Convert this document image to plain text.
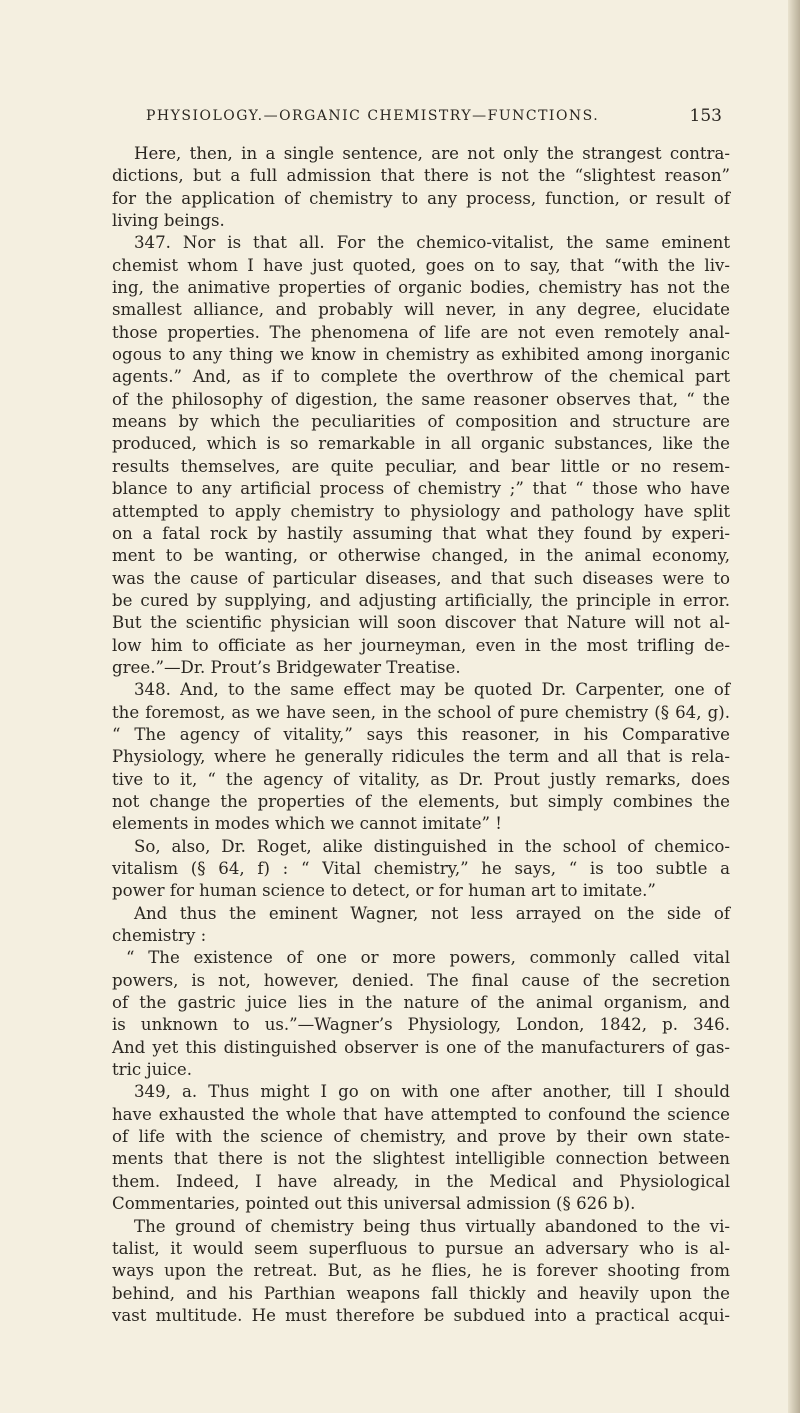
PHYSIOLOGY.—ORGANIC CHEMISTRY—FUNCTIONS.	153
Here, then, in a single sentence, are not only the strangest contra-
dictions, but a full admission that there is not the “slightest reason”
for the application of chemistry to any process, function, or result of
living beings.
347. Nor is that all. For the chemico-vitalist, the same eminent
chemist whom I have just quoted, goes on to say, that “with the liv-
ing, the animative properties of organic bodies, chemistry has not the
smallest alliance, and probably will never, in any degree, elucidate
those properties. The phenomena of life are not even remotely anal-
ogous to any thing we know in chemistry as exhibited among inorganic
agents.” And, as if to complete the overthrow of the chemical part
of the philosophy of digestion, the same reasoner observes that, “ the
means by which the peculiarities of composition and structure are
produced, which is so remarkable in all organic substances, like the
results themselves, are quite peculiar, and bear little or no resem-
blance to any artificial process of chemistry ;” that “ those who have
attempted to apply chemistry to physiology and pathology have split
on a fatal rock by hastily assuming that what they found by experi-
ment to be wanting, or otherwise changed, in the animal economy,
was the cause of particular diseases, and that such diseases were to
be cured by supplying, and adjusting artificially, the principle in error.
But the scientific physician will soon discover that Nature will not al-
low him to officiate as her journeyman, even in the most trifling de-
gree.”—Dr. Prout’s Bridgewater Treatise.
348. And, to the same effect may be quoted Dr. Carpenter, one of
the foremost, as we have seen, in the school of pure chemistry (§ 64, g).
“ The agency of vitality,” says this reasoner, in his Comparative
Physiology, where he generally ridicules the term and all that is rela-
tive to it, “ the agency of vitality, as Dr. Prout justly remarks, does
not change the properties of the elements, but simply combines the
elements in modes which we cannot imitate” !
So, also, Dr. Roget, alike distinguished in the school of chemico-
vitalism (§ 64, f) : “ Vital chemistry,” he says, “ is too subtle a
power for human science to detect, or for human art to imitate.”
And thus the eminent Wagner, not less arrayed on the side of
chemistry :
“ The existence of one or more powers, commonly called vital
powers, is not, however, denied. The final cause of the secretion
of the gastric juice lies in the nature of the animal organism, and
is unknown to us.”—Wagner’s Physiology, London, 1842, p. 346.
And yet this distinguished observer is one of the manufacturers of gas-
tric juice.
349, a. Thus might I go on with one after another, till I should
have exhausted the whole that have attempted to confound the science
of life with the science of chemistry, and prove by their own state-
ments that there is not the slightest intelligible connection between
them. Indeed, I have already, in the Medical and Physiological
Commentaries, pointed out this universal admission (§ 626 b).
The ground of chemistry being thus virtually abandoned to the vi-
talist, it would seem superfluous to pursue an adversary who is al-
ways upon the retreat. But, as he flies, he is forever shooting from
behind, and his Parthian weapons fall thickly and heavily upon the
vast multitude. He must therefore be subdued into a practical acqui-
